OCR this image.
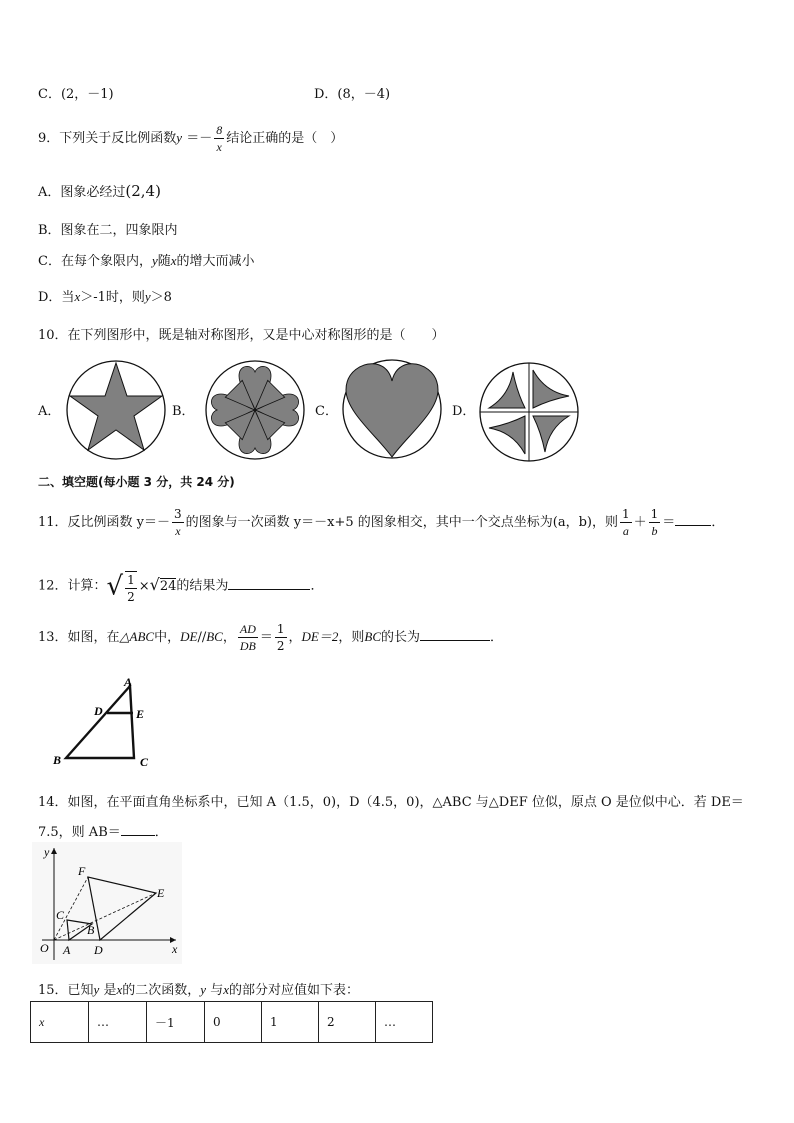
C．(2，－1)	D．(8，－4)
9．下列关于反比例函数$y =- \frac{8}{x}$ 结论正确的是（　）
A．图象必经过(2,4)
B．图象在二，四象限内
C．在每个象限内，y随x的增大而减小
D．当x＞-1时，则y＞8
10．在下列图形中，既是轴对称图形，又是中心对称图形的是（　　）
A．	B．	C．	D．
二、填空题(每小题 3 分，共 24 分)
11．反比例函数 $y=- \frac{3}{x}$ 的图象与一次函数 y＝－x+5 的图象相交，其中一个交点坐标为(a，b)，则 $\frac{1}{a} + \frac{1}{b}$ ＝	．
12．计算：√ $\frac{1}{2} \times√24$的结果为	．
13．如图，在△ABC中，DE//BC， $\frac{AD}{DB} = \frac{1}{2}$ ，DE＝2，则BC的长为	．
A
D	E
B	C
14．如图，在平面直角坐标系中，已知 A（1.5，0)，D（4.5，0)，△ABC 与△DEF 位似，原点 O 是位似中心．若 DE＝
7.5，则 AB＝	．
y
x
O A
B
C
D
E
F
15．已知y 是x的二次函数，y 与x的部分对应值如下表：
x	…	－1	0	1	2	…
